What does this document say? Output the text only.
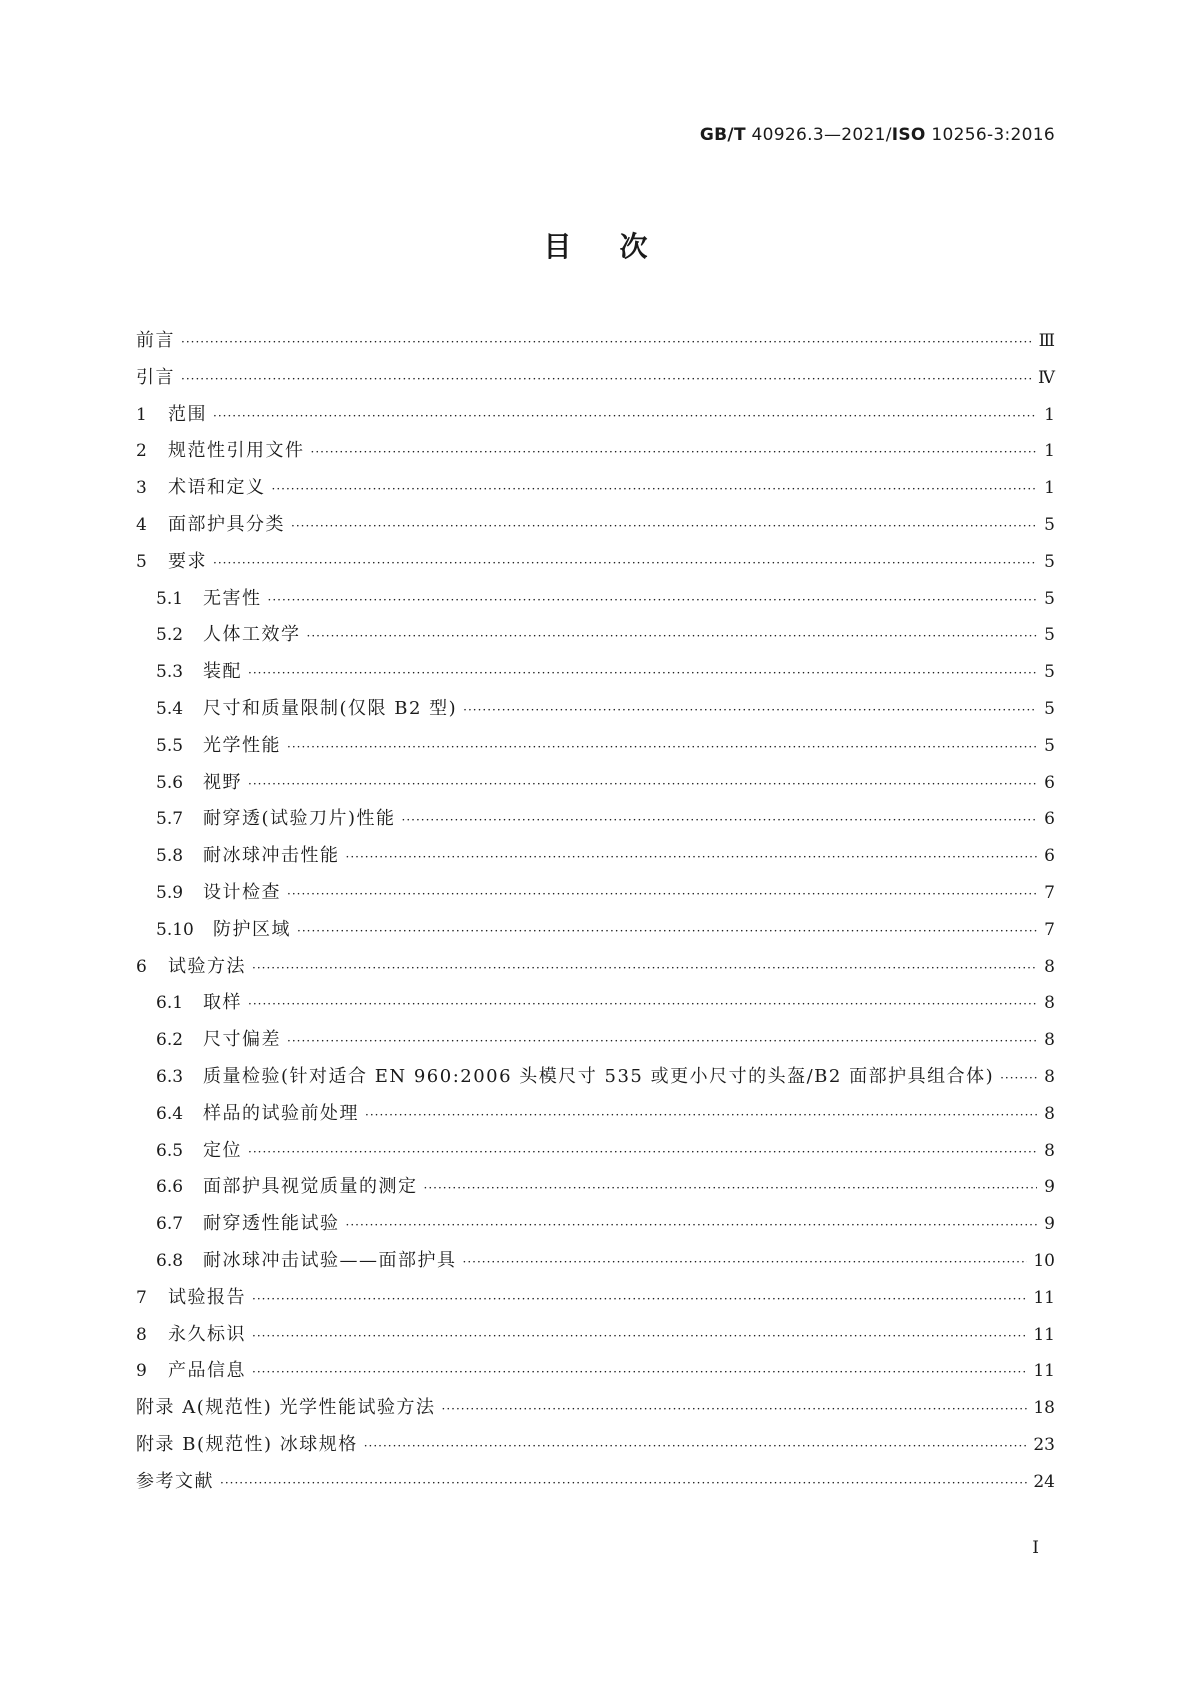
GB/T 40926.3—2021/ISO 10256-3:2016
目次
前言 ·····	Ⅲ
引言 ·····	Ⅳ
1	范围 ·····	1
2	规范性引用文件 ·····	1
3	术语和定义 ·····	1
4	面部护具分类 ·····	5
5	要求 ·····	5
5.1	无害性 ·····	5
5.2	人体工效学 ·····	5
5.3	装配 ·····	5
5.4	尺寸和质量限制(仅限 B2 型) ·····	5
5.5	光学性能 ·····	5
5.6	视野 ·····	6
5.7	耐穿透(试验刀片)性能 ·····	6
5.8	耐冰球冲击性能 ·····	6
5.9	设计检查 ·····	7
5.10	防护区域 ·····	7
6	试验方法 ·····	8
6.1	取样 ·····	8
6.2	尺寸偏差 ·····	8
6.3	质量检验(针对适合 EN 960:2006 头模尺寸 535 或更小尺寸的头盔/B2 面部护具组合体) ·····	8
6.4	样品的试验前处理 ·····	8
6.5	定位 ·····	8
6.6	面部护具视觉质量的测定 ·····	9
6.7	耐穿透性能试验 ·····	9
6.8	耐冰球冲击试验——面部护具 ·····	10
7	试验报告 ·····	11
8	永久标识 ·····	11
9	产品信息 ·····	11
附录 A(规范性) 光学性能试验方法 ·····	18
附录 B(规范性) 冰球规格 ·····	23
参考文献 ·····	24
I
